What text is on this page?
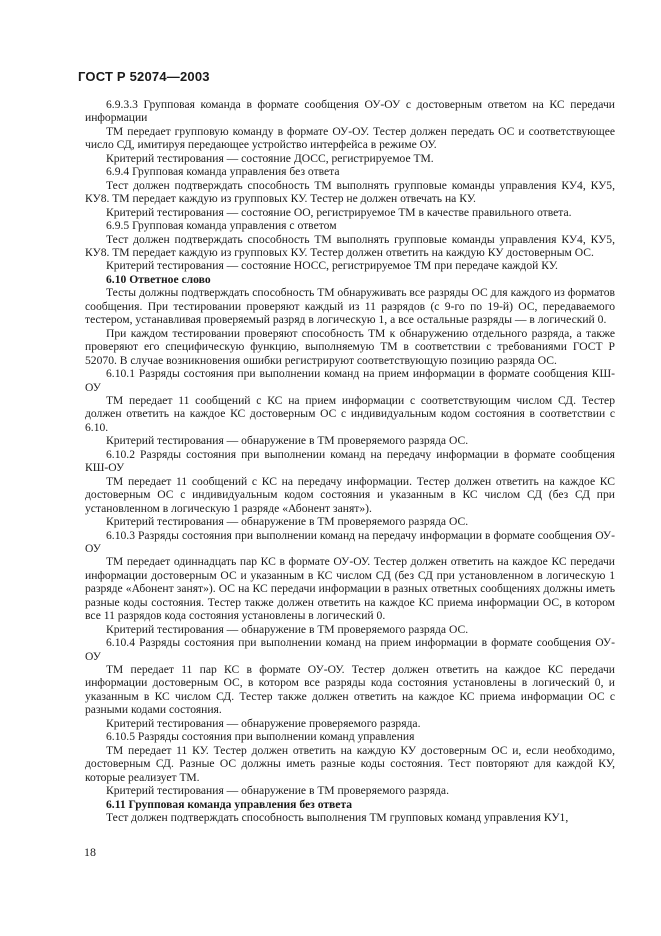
ГОСТ Р 52074—2003

6.9.3.3 Групповая команда в формате сообщения ОУ-ОУ с достоверным ответом на КС передачи информации

ТМ передает групповую команду в формате ОУ-ОУ. Тестер должен передать ОС и соответствующее число СД, имитируя передающее устройство интерфейса в режиме ОУ.

Критерий тестирования — состояние ДОСС, регистрируемое ТМ.

6.9.4 Групповая команда управления без ответа

Тест должен подтверждать способность ТМ выполнять групповые команды управления КУ4, КУ5, КУ8. ТМ передает каждую из групповых КУ. Тестер не должен отвечать на КУ.

Критерий тестирования — состояние ОО, регистрируемое ТМ в качестве правильного ответа.

6.9.5 Групповая команда управления с ответом

Тест должен подтверждать способность ТМ выполнять групповые команды управления КУ4, КУ5, КУ8. ТМ передает каждую из групповых КУ. Тестер должен ответить на каждую КУ достоверным ОС.

Критерий тестирования — состояние НОСС, регистрируемое ТМ при передаче каждой КУ.

6.10 Ответное слово

Тесты должны подтверждать способность ТМ обнаруживать все разряды ОС для каждого из форматов сообщения. При тестировании проверяют каждый из 11 разрядов (с 9-го по 19-й) ОС, передаваемого тестером, устанавливая проверяемый разряд в логическую 1, а все остальные разряды — в логический 0.

При каждом тестировании проверяют способность ТМ к обнаружению отдельного разряда, а также проверяют его специфическую функцию, выполняемую ТМ в соответствии с требованиями ГОСТ Р 52070. В случае возникновения ошибки регистрируют соответствующую позицию разряда ОС.

6.10.1 Разряды состояния при выполнении команд на прием информации в формате сообщения КШ-ОУ

ТМ передает 11 сообщений с КС на прием информации с соответствующим числом СД. Тестер должен ответить на каждое КС достоверным ОС с индивидуальным кодом состояния в соответствии с 6.10.

Критерий тестирования — обнаружение в ТМ проверяемого разряда ОС.

6.10.2 Разряды состояния при выполнении команд на передачу информации в формате сообщения КШ-ОУ

ТМ передает 11 сообщений с КС на передачу информации. Тестер должен ответить на каждое КС достоверным ОС с индивидуальным кодом состояния и указанным в КС числом СД (без СД при установленном в логическую 1 разряде «Абонент занят»).

Критерий тестирования — обнаружение в ТМ проверяемого разряда ОС.

6.10.3 Разряды состояния при выполнении команд на передачу информации в формате сообщения ОУ-ОУ

ТМ передает одиннадцать пар КС в формате ОУ-ОУ. Тестер должен ответить на каждое КС передачи информации достоверным ОС и указанным в КС числом СД (без СД при установленном в логическую 1 разряде «Абонент занят»). ОС на КС передачи информации в разных ответных сообщениях должны иметь разные коды состояния. Тестер также должен ответить на каждое КС приема информации ОС, в котором все 11 разрядов кода состояния установлены в логический 0.

Критерий тестирования — обнаружение в ТМ проверяемого разряда ОС.

6.10.4 Разряды состояния при выполнении команд на прием информации в формате сообщения ОУ-ОУ

ТМ передает 11 пар КС в формате ОУ-ОУ. Тестер должен ответить на каждое КС передачи информации достоверным ОС, в котором все разряды кода состояния установлены в логический 0, и указанным в КС числом СД. Тестер также должен ответить на каждое КС приема информации ОС с разными кодами состояния.

Критерий тестирования — обнаружение проверяемого разряда.

6.10.5 Разряды состояния при выполнении команд управления

ТМ передает 11 КУ. Тестер должен ответить на каждую КУ достоверным ОС и, если необходимо, достоверным СД. Разные ОС должны иметь разные коды состояния. Тест повторяют для каждой КУ, которые реализует ТМ.

Критерий тестирования — обнаружение в ТМ проверяемого разряда.

6.11 Групповая команда управления без ответа

Тест должен подтверждать способность выполнения ТМ групповых команд управления КУ1,

18
